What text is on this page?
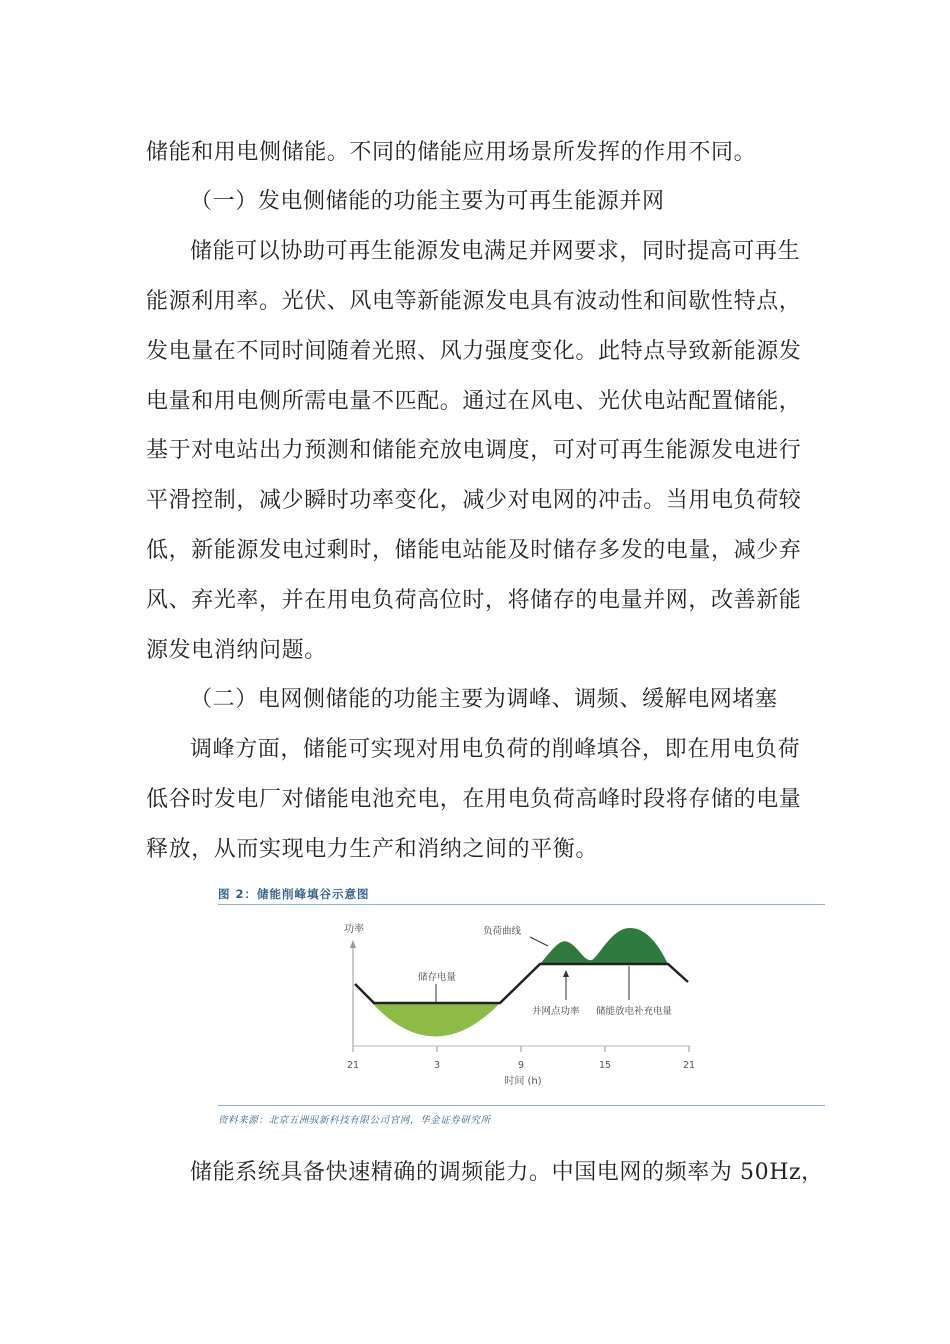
储能和用电侧储能。不同的储能应用场景所发挥的作用不同。
（一）发电侧储能的功能主要为可再生能源并网
储能可以协助可再生能源发电满足并网要求，同时提高可再生
能源利用率。光伏、风电等新能源发电具有波动性和间歇性特点，
发电量在不同时间随着光照、风力强度变化。此特点导致新能源发
电量和用电侧所需电量不匹配。通过在风电、光伏电站配置储能，
基于对电站出力预测和储能充放电调度，可对可再生能源发电进行
平滑控制，减少瞬时功率变化，减少对电网的冲击。当用电负荷较
低，新能源发电过剩时，储能电站能及时储存多发的电量，减少弃
风、弃光率，并在用电负荷高位时，将储存的电量并网，改善新能
源发电消纳问题。
（二）电网侧储能的功能主要为调峰、调频、缓解电网堵塞
调峰方面，储能可实现对用电负荷的削峰填谷，即在用电负荷
低谷时发电厂对储能电池充电，在用电负荷高峰时段将存储的电量
释放，从而实现电力生产和消纳之间的平衡。
储能系统具备快速精确的调频能力。中国电网的频率为 50Hz，
图 2：储能削峰填谷示意图
功率	负荷曲线
储存电量
并网点功率 储能放电补充电量
21	3	9	15	21
时间 (h)
资料来源：北京五洲驭新科技有限公司官网，华金证券研究所
